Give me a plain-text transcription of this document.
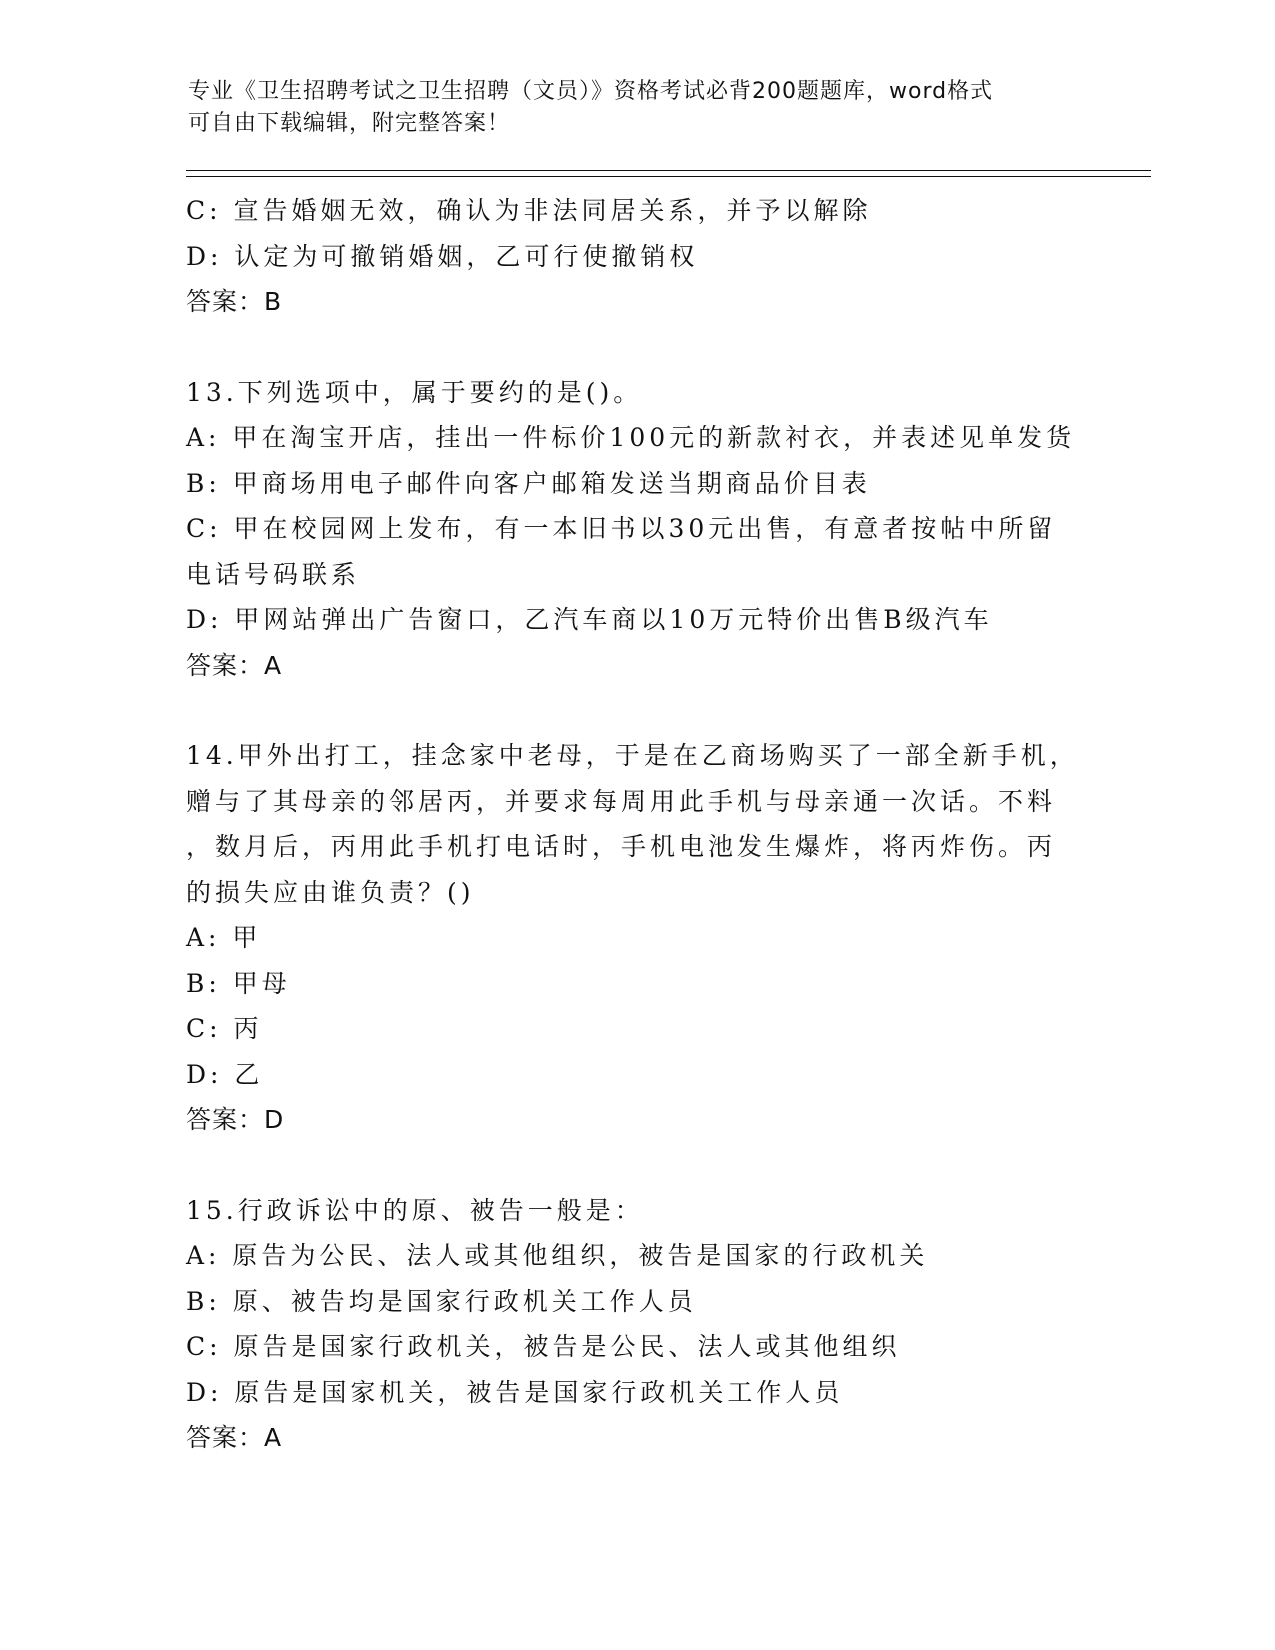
专业《卫生招聘考试之卫生招聘（文员）》资格考试必背200题题库，word格式
可自由下载编辑，附完整答案！
C: 宣告婚姻无效，确认为非法同居关系，并予以解除
D: 认定为可撤销婚姻，乙可行使撤销权
答案：B
13.下列选项中，属于要约的是()。
A: 甲在淘宝开店，挂出一件标价100元的新款衬衣，并表述见单发货
B: 甲商场用电子邮件向客户邮箱发送当期商品价目表
C: 甲在校园网上发布，有一本旧书以30元出售，有意者按帖中所留
电话号码联系
D: 甲网站弹出广告窗口，乙汽车商以10万元特价出售B级汽车
答案：A
14.甲外出打工，挂念家中老母，于是在乙商场购买了一部全新手机，
赠与了其母亲的邻居丙，并要求每周用此手机与母亲通一次话。不料
，数月后，丙用此手机打电话时，手机电池发生爆炸，将丙炸伤。丙
的损失应由谁负责？()
A: 甲
B: 甲母
C: 丙
D: 乙
答案：D
15.行政诉讼中的原、被告一般是：
A: 原告为公民、法人或其他组织，被告是国家的行政机关
B: 原、被告均是国家行政机关工作人员
C: 原告是国家行政机关，被告是公民、法人或其他组织
D: 原告是国家机关，被告是国家行政机关工作人员
答案：A
